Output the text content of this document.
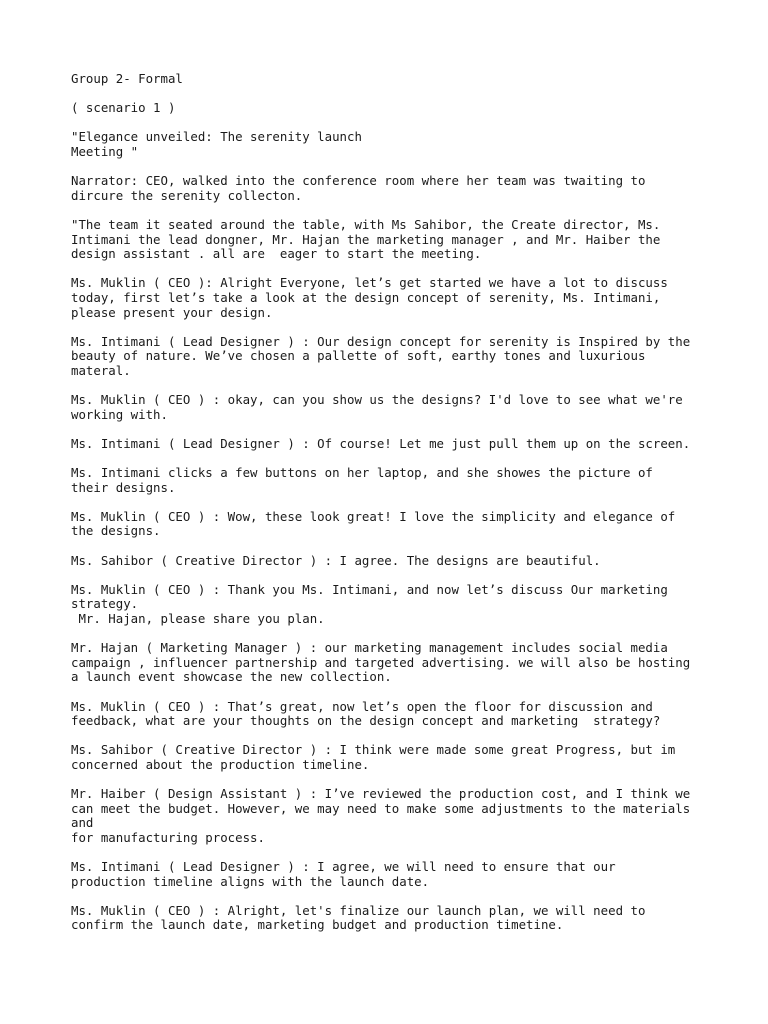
Group 2- Formal
( scenario 1 )
"Elegance unveiled: The serenity launch
Meeting "
Narrator: CEO, walked into the conference room where her team was twaiting to
dircure the serenity collecton.
"The team it seated around the table, with Ms Sahibor, the Create director, Ms.
Intimani the lead dongner, Mr. Hajan the marketing manager , and Mr. Haiber the
design assistant . all are  eager to start the meeting.
Ms. Muklin ( CEO ): Alright Everyone, let’s get started we have a lot to discuss
today, first let’s take a look at the design concept of serenity, Ms. Intimani,
please present your design.
Ms. Intimani ( Lead Designer ) : Our design concept for serenity is Inspired by the
beauty of nature. We’ve chosen a pallette of soft, earthy tones and luxurious
materal.
Ms. Muklin ( CEO ) : okay, can you show us the designs? I'd love to see what we're
working with.
Ms. Intimani ( Lead Designer ) : Of course! Let me just pull them up on the screen.
Ms. Intimani clicks a few buttons on her laptop, and she showes the picture of
their designs.
Ms. Muklin ( CEO ) : Wow, these look great! I love the simplicity and elegance of
the designs.
Ms. Sahibor ( Creative Director ) : I agree. The designs are beautiful.
Ms. Muklin ( CEO ) : Thank you Ms. Intimani, and now let’s discuss Our marketing
strategy.
Mr. Hajan, please share you plan.
Mr. Hajan ( Marketing Manager ) : our marketing management includes social media
campaign , influencer partnership and targeted advertising. we will also be hosting
a launch event showcase the new collection.
Ms. Muklin ( CEO ) : That’s great, now let’s open the floor for discussion and
feedback, what are your thoughts on the design concept and marketing  strategy?
Ms. Sahibor ( Creative Director ) : I think were made some great Progress, but im
concerned about the production timeline.
Mr. Haiber ( Design Assistant ) : I’ve reviewed the production cost, and I think we
can meet the budget. However, we may need to make some adjustments to the materials
and
for manufacturing process.
Ms. Intimani ( Lead Designer ) : I agree, we will need to ensure that our
production timeline aligns with the launch date.
Ms. Muklin ( CEO ) : Alright, let's finalize our launch plan, we will need to
confirm the launch date, marketing budget and production timetine.
